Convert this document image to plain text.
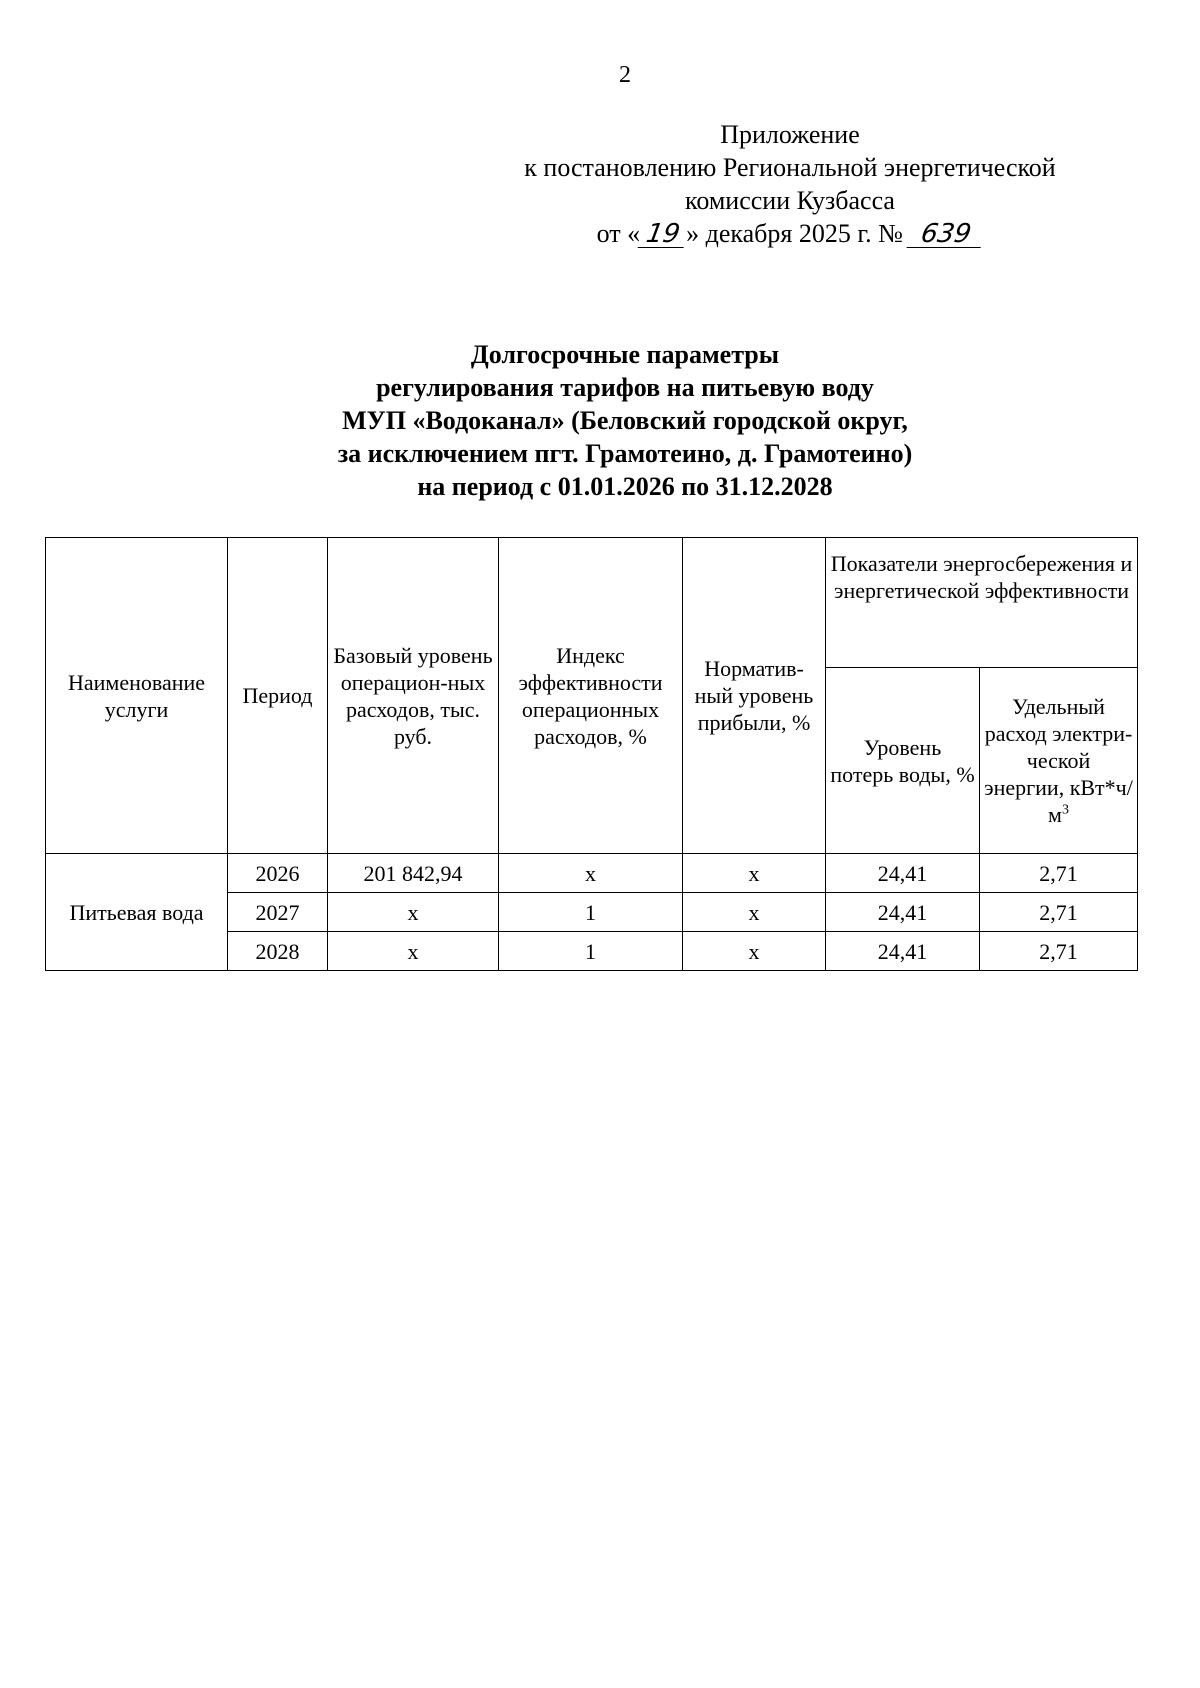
2
Приложение
к постановлению Региональной энергетической
комиссии Кузбасса
от « 19 » декабря 2025 г. № 639
Долгосрочные параметры
регулирования тарифов на питьевую воду
МУП «Водоканал» (Беловский городской округ,
за исключением пгт. Грамотеино, д. Грамотеино)
на период с 01.01.2026 по 31.12.2028
Наименование услуги	Период	Базовый уровень операцион-ных расходов, тыс. руб.	Индекс эффективности операционных расходов, %	Норматив-ный уровень прибыли, %	Показатели энергосбережения и энергетической эффективности	
					Уровень потерь воды, %	Удельный расход электри-ческой энергии, $кВт*ч/м^3$
Питьевая вода	2026	201 842,94	х	х	24,41	2,71
	2027	х	1	х	24,41	2,71
	2028	х	1	х	24,41	2,71
